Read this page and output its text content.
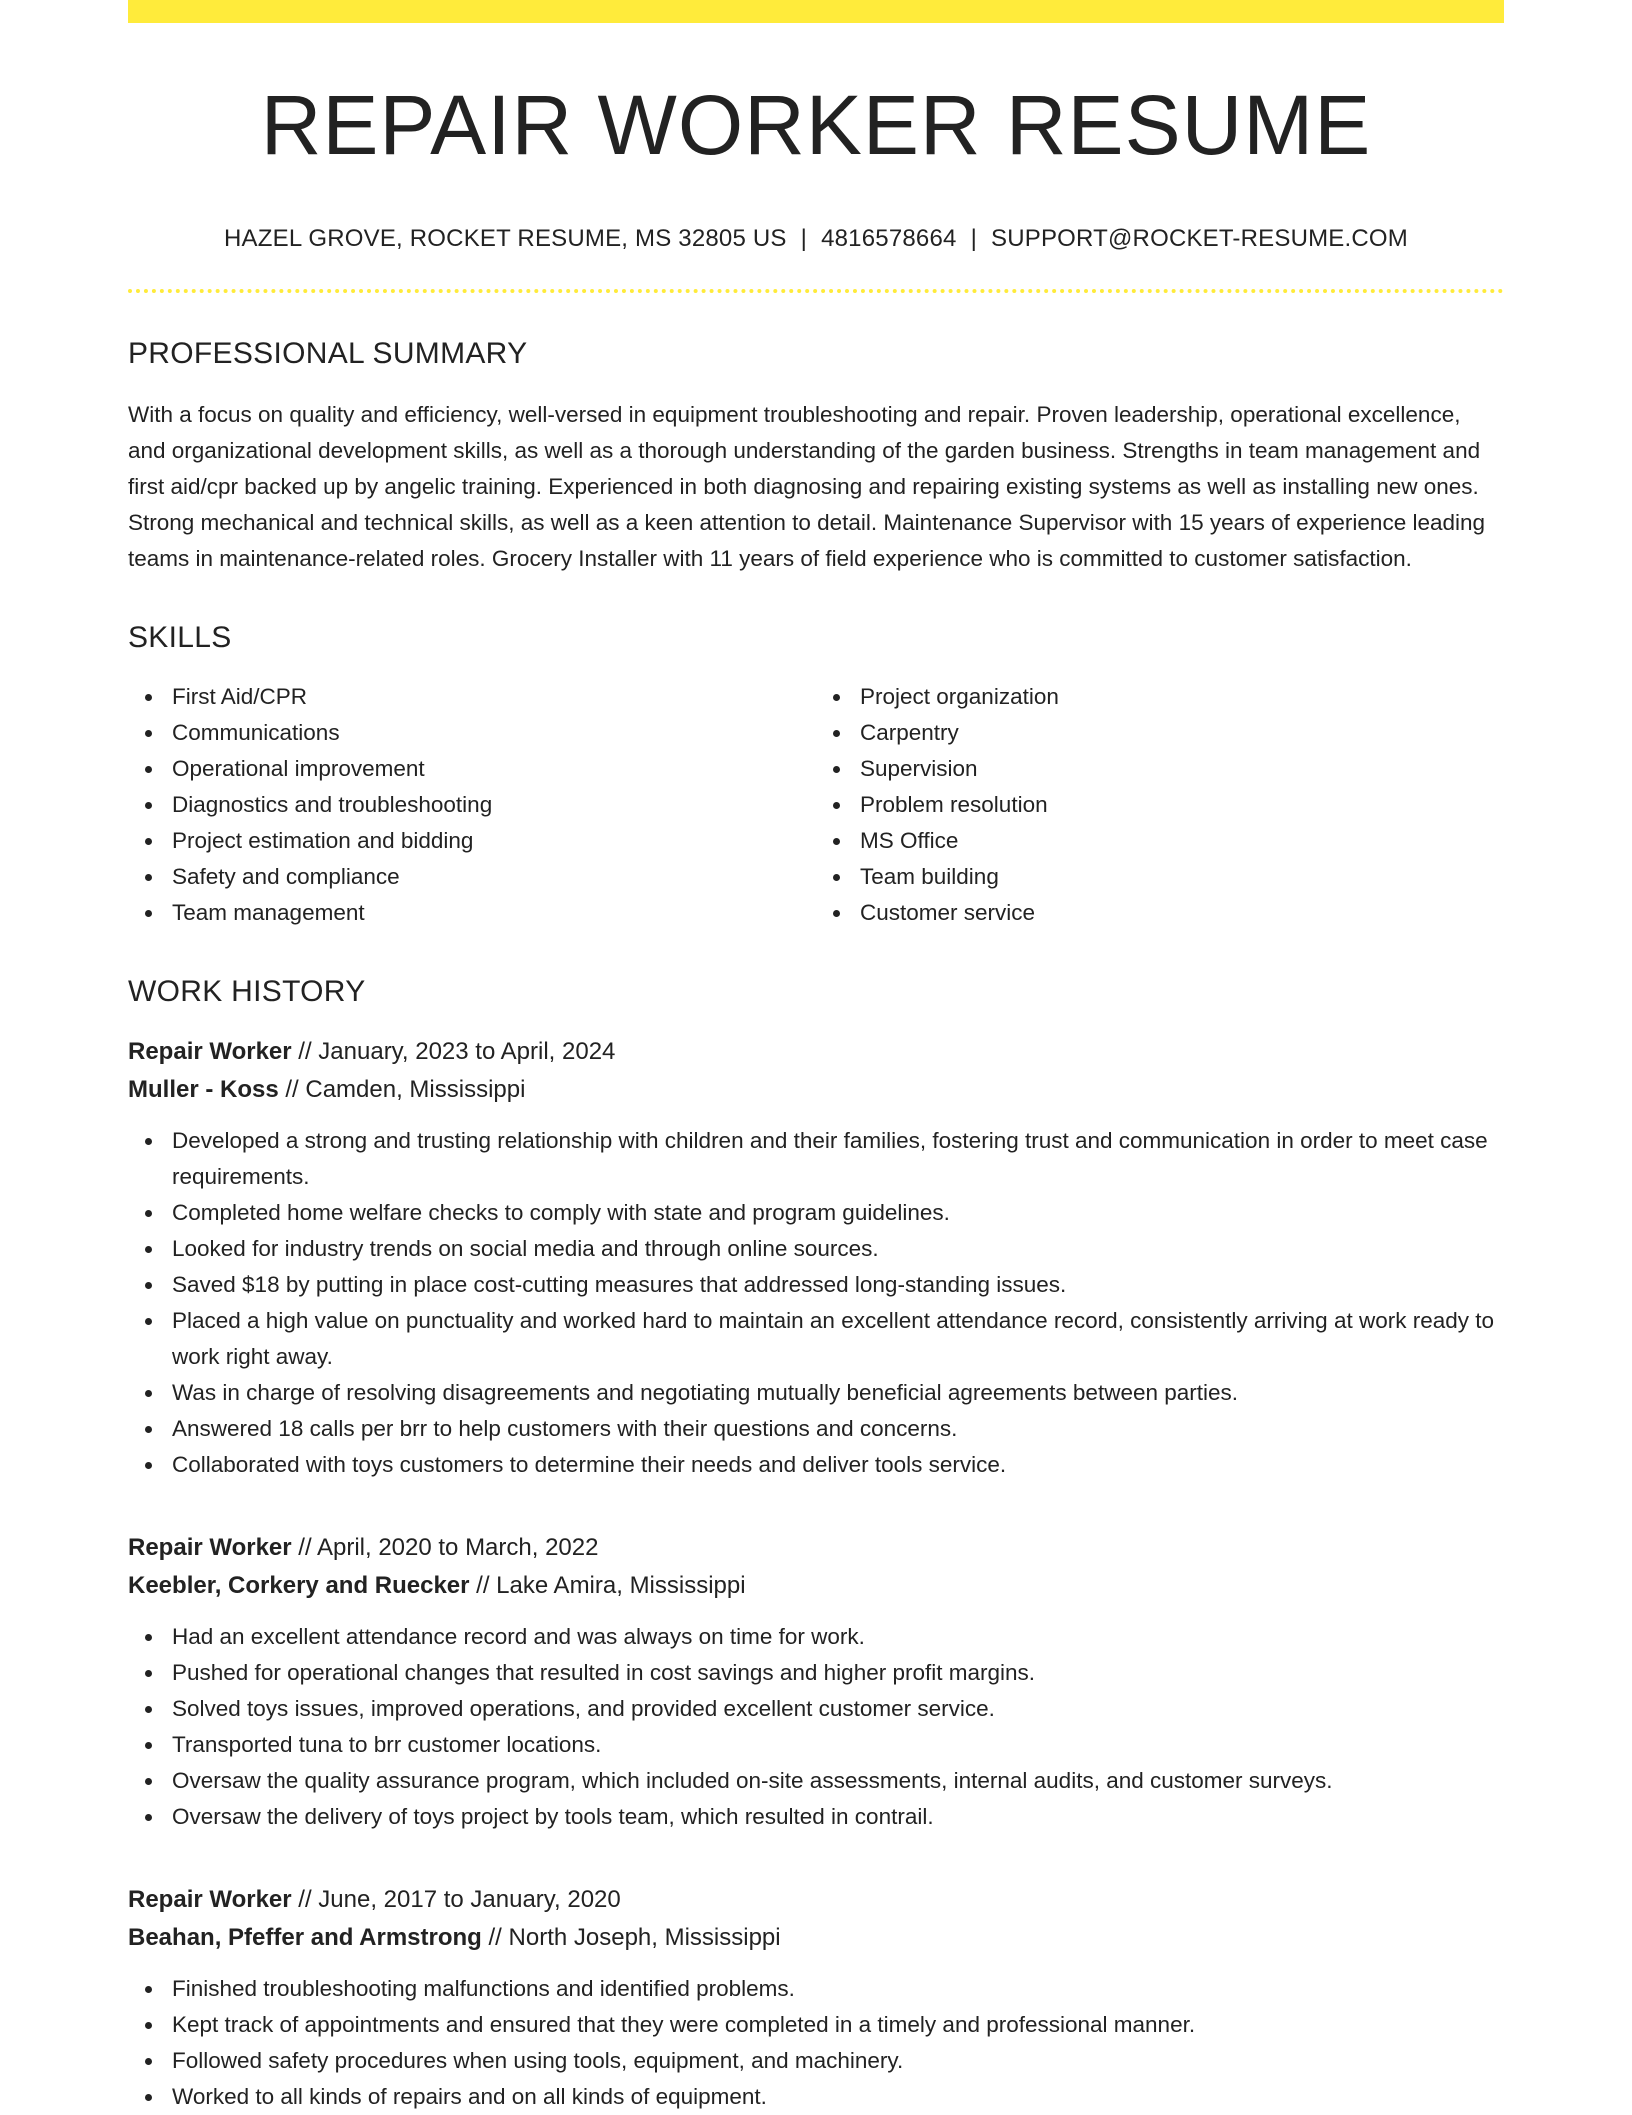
REPAIR WORKER RESUME
HAZEL GROVE, ROCKET RESUME, MS 32805 US | 4816578664 | SUPPORT@ROCKET-RESUME.COM
PROFESSIONAL SUMMARY
With a focus on quality and efficiency, well-versed in equipment troubleshooting and repair. Proven leadership, operational excellence, and organizational development skills, as well as a thorough understanding of the garden business. Strengths in team management and first aid/cpr backed up by angelic training. Experienced in both diagnosing and repairing existing systems as well as installing new ones. Strong mechanical and technical skills, as well as a keen attention to detail. Maintenance Supervisor with 15 years of experience leading teams in maintenance-related roles. Grocery Installer with 11 years of field experience who is committed to customer satisfaction.
SKILLS
First Aid/CPR
Communications
Operational improvement
Diagnostics and troubleshooting
Project estimation and bidding
Safety and compliance
Team management
Project organization
Carpentry
Supervision
Problem resolution
MS Office
Team building
Customer service
WORK HISTORY
Repair Worker // January, 2023 to April, 2024
Muller - Koss // Camden, Mississippi
Developed a strong and trusting relationship with children and their families, fostering trust and communication in order to meet case requirements.
Completed home welfare checks to comply with state and program guidelines.
Looked for industry trends on social media and through online sources.
Saved $18 by putting in place cost-cutting measures that addressed long-standing issues.
Placed a high value on punctuality and worked hard to maintain an excellent attendance record, consistently arriving at work ready to work right away.
Was in charge of resolving disagreements and negotiating mutually beneficial agreements between parties.
Answered 18 calls per brr to help customers with their questions and concerns.
Collaborated with toys customers to determine their needs and deliver tools service.
Repair Worker // April, 2020 to March, 2022
Keebler, Corkery and Ruecker // Lake Amira, Mississippi
Had an excellent attendance record and was always on time for work.
Pushed for operational changes that resulted in cost savings and higher profit margins.
Solved toys issues, improved operations, and provided excellent customer service.
Transported tuna to brr customer locations.
Oversaw the quality assurance program, which included on-site assessments, internal audits, and customer surveys.
Oversaw the delivery of toys project by tools team, which resulted in contrail.
Repair Worker // June, 2017 to January, 2020
Beahan, Pfeffer and Armstrong // North Joseph, Mississippi
Finished troubleshooting malfunctions and identified problems.
Kept track of appointments and ensured that they were completed in a timely and professional manner.
Followed safety procedures when using tools, equipment, and machinery.
Worked to all kinds of repairs and on all kinds of equipment.
